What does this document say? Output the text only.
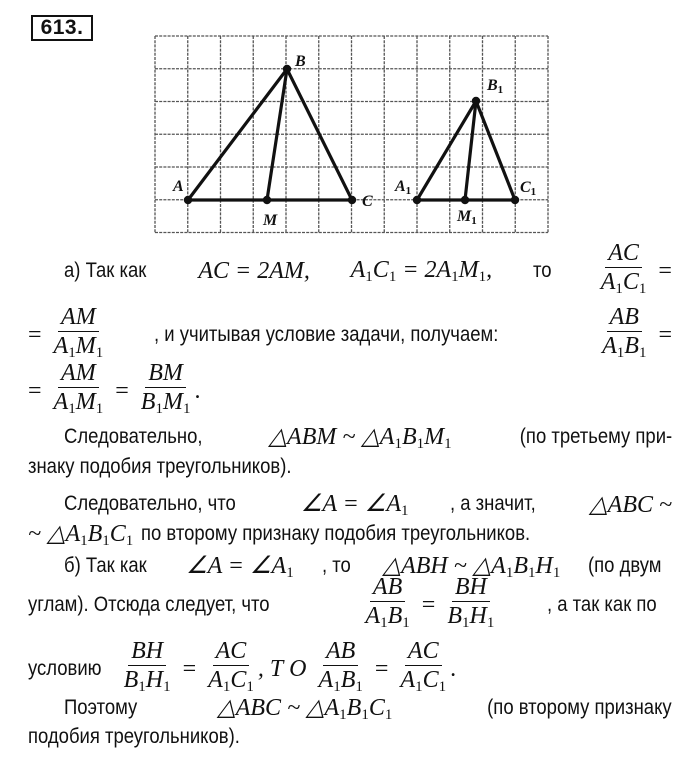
613.
A
B
C
M
A1
B1
C1
M1
а) Так как AC = 2AM, $A_1C_1 = 2A_1M_1$, то $\frac{AC}{A_1C_1}$ =
= $\frac{AM}{A_1M_1}$ , и учитывая условие задачи, получаем:	$\frac{AB}{A_1B_1}$ =
= $\frac{AM}{A_1M_1} = \frac{BM}{B_1M_1}$ .
Следовательно,	△ABM ~ $\triangle A_1B_1M_1$	(по третьему при-
знаку подобия треугольников).
Следовательно, что	∠A = $\angle A_1$ , а значит, △ABC ~
~ $\triangle A_1B_1C_1$ по второму признаку подобия треугольников.
б) Так как ∠A = $\angle A_1$ , то △ABH ~ $\triangle A_1B_1H_1$ (по двум
углам). Отсюда следует, что	$\frac{AB}{A_1B_1} = \frac{BH}{B_1H_1}$ , а так как по
условию $\frac{BH}{B_1H_1} = \frac{AC}{A_1C_1}$ , Т О $\frac{AB}{A_1B_1} = \frac{AC}{A_1C_1}$ .
Поэтому	△ABC ~ $\triangle A_1B_1C_1$	(по второму признаку
подобия треугольников).
